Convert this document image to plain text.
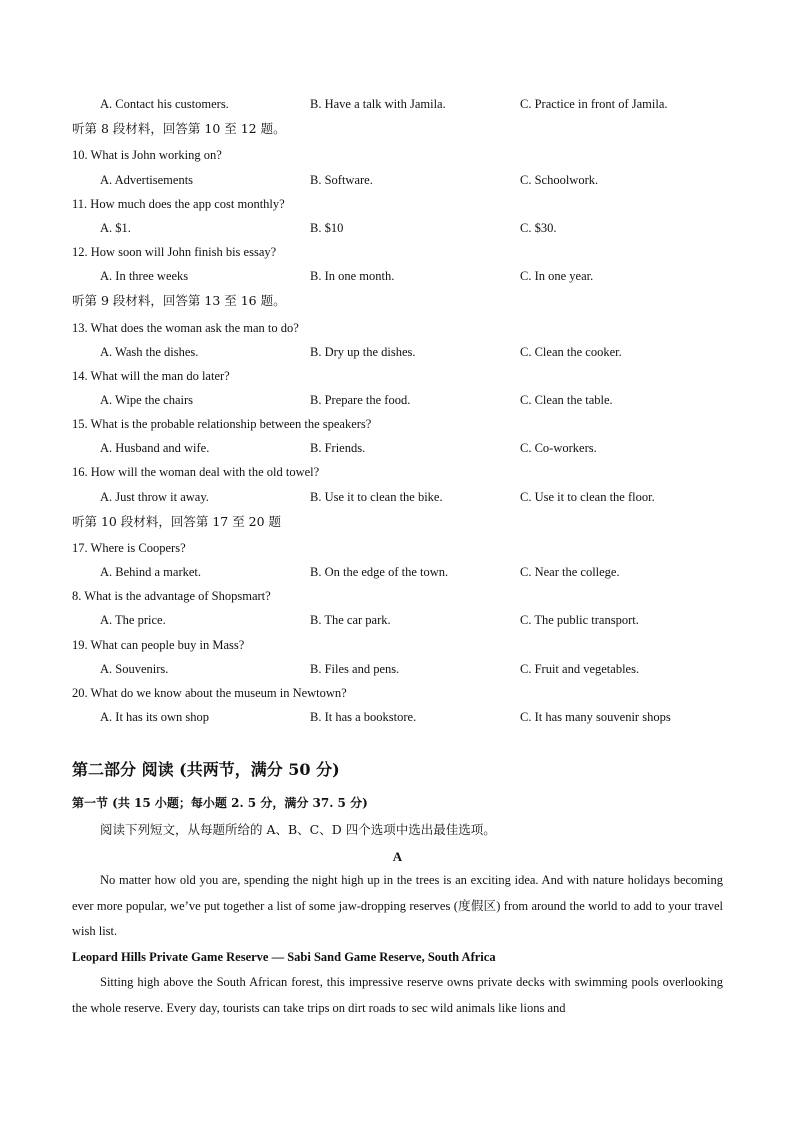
A. Contact his customers.	B. Have a talk with Jamila.	C. Practice in front of Jamila.
听第 8 段材料，回答第 10 至 12 题。
10. What is John working on?
A. Advertisements	B. Software.	C. Schoolwork.
11. How much does the app cost monthly?
A. $1.	B. $10	C. $30.
12. How soon will John finish bis essay?
A. In three weeks	B. In one month.	C. In one year.
听第 9 段材料，回答第 13 至 16 题。
13. What does the woman ask the man to do?
A. Wash the dishes.	B. Dry up the dishes.	C. Clean the cooker.
14. What will the man do later?
A. Wipe the chairs	B. Prepare the food.	C. Clean the table.
15. What is the probable relationship between the speakers?
A. Husband and wife.	B. Friends.	C. Co-workers.
16. How will the woman deal with the old towel?
A. Just throw it away.	B. Use it to clean the bike.	C. Use it to clean the floor.
听第 10 段材料，回答第 17 至 20 题
17. Where is Coopers?
A. Behind a market.	B. On the edge of the town.	C. Near the college.
8. What is the advantage of Shopsmart?
A. The price.	B. The car park.	C. The public transport.
19. What can people buy in Mass?
A. Souvenirs.	B. Files and pens.	C. Fruit and vegetables.
20. What do we know about the museum in Newtown?
A. It has its own shop	B. It has a bookstore.	C. It has many souvenir shops
第二部分 阅读 (共两节，满分 50 分)
第一节 (共 15 小题；每小题 2. 5 分，满分 37. 5 分)
阅读下列短文，从每题所给的 A、B、C、D 四个选项中选出最佳选项。
A
No matter how old you are, spending the night high up in the trees is an exciting idea. And with nature holidays becoming ever more popular, we’ve put together a list of some jaw-dropping reserves (度假区) from around the world to add to your travel wish list.
Leopard Hills Private Game Reserve — Sabi Sand Game Reserve, South Africa
Sitting high above the South African forest, this impressive reserve owns private decks with swimming pools overlooking the whole reserve. Every day, tourists can take trips on dirt roads to sec wild animals like lions and
